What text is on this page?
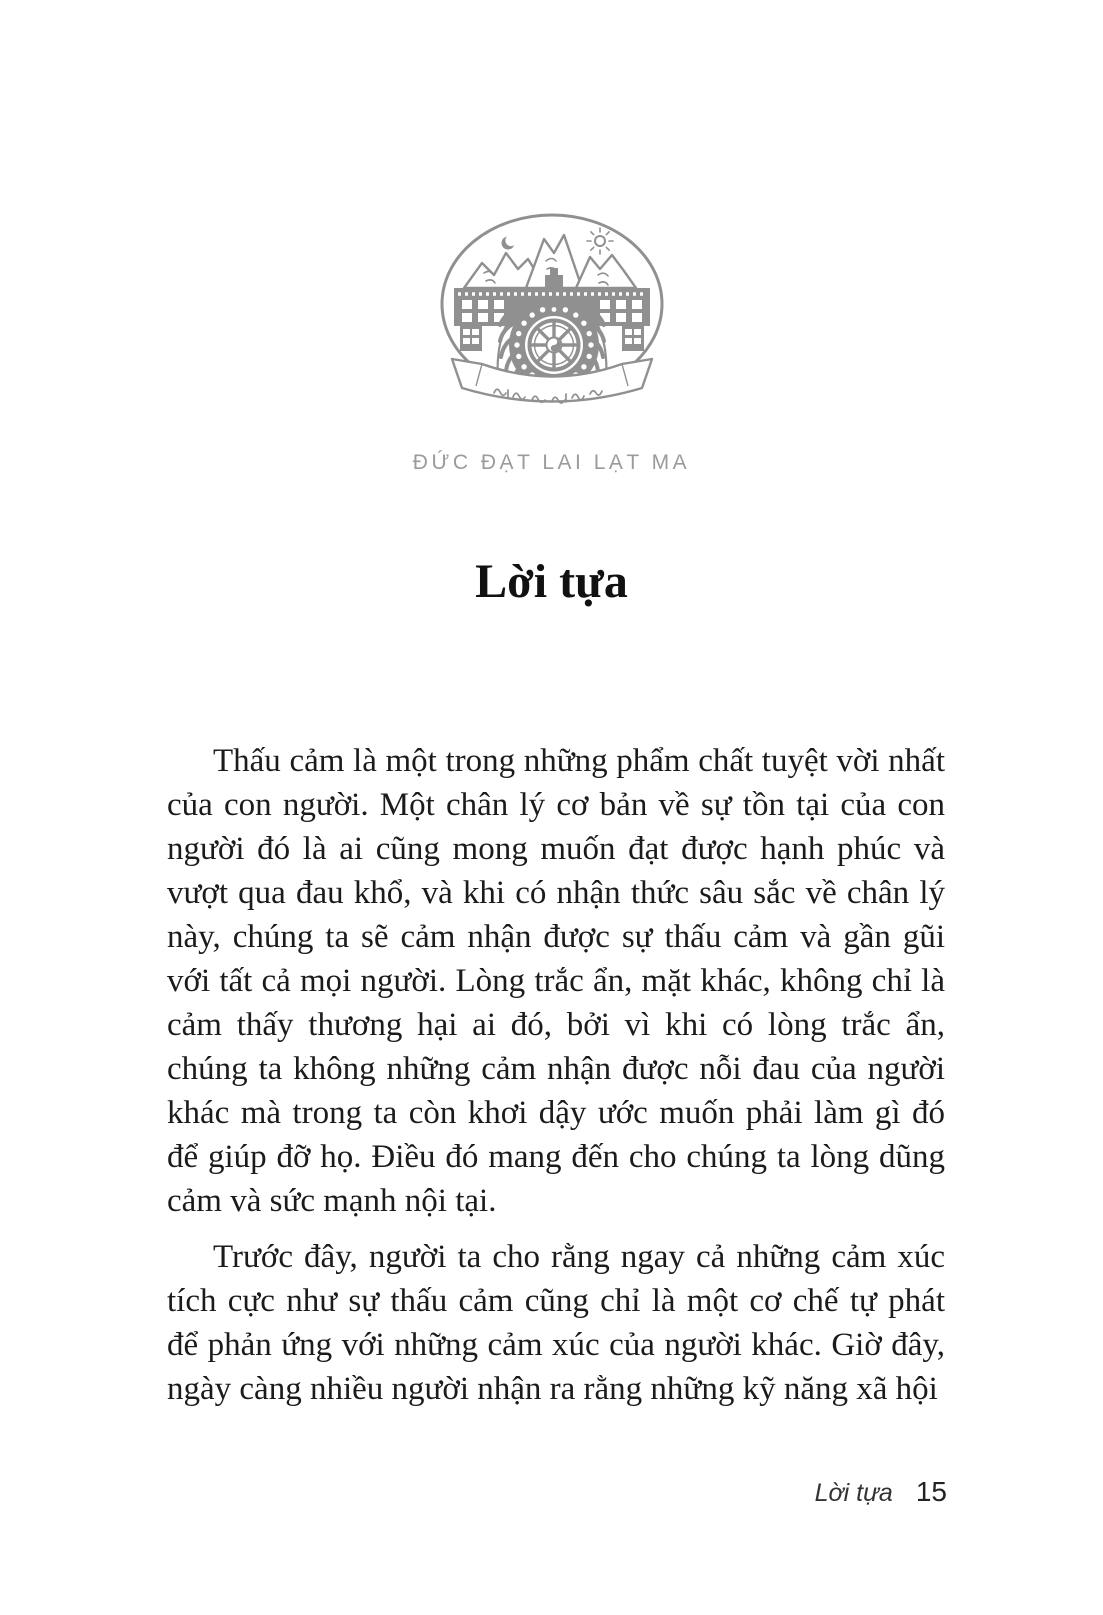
ĐỨC ĐẠT LAI LẠT MA
Lời tựa

Thấu cảm là một trong những phẩm chất tuyệt vời nhất của con người. Một chân lý cơ bản về sự tồn tại của con người đó là ai cũng mong muốn đạt được hạnh phúc và vượt qua đau khổ, và khi có nhận thức sâu sắc về chân lý này, chúng ta sẽ cảm nhận được sự thấu cảm và gần gũi với tất cả mọi người. Lòng trắc ẩn, mặt khác, không chỉ là cảm thấy thương hại ai đó, bởi vì khi có lòng trắc ẩn, chúng ta không những cảm nhận được nỗi đau của người khác mà trong ta còn khơi dậy ước muốn phải làm gì đó để giúp đỡ họ. Điều đó mang đến cho chúng ta lòng dũng cảm và sức mạnh nội tại.

Trước đây, người ta cho rằng ngay cả những cảm xúc tích cực như sự thấu cảm cũng chỉ là một cơ chế tự phát để phản ứng với những cảm xúc của người khác. Giờ đây, ngày càng nhiều người nhận ra rằng những kỹ năng xã hội

Lời tựa 15
